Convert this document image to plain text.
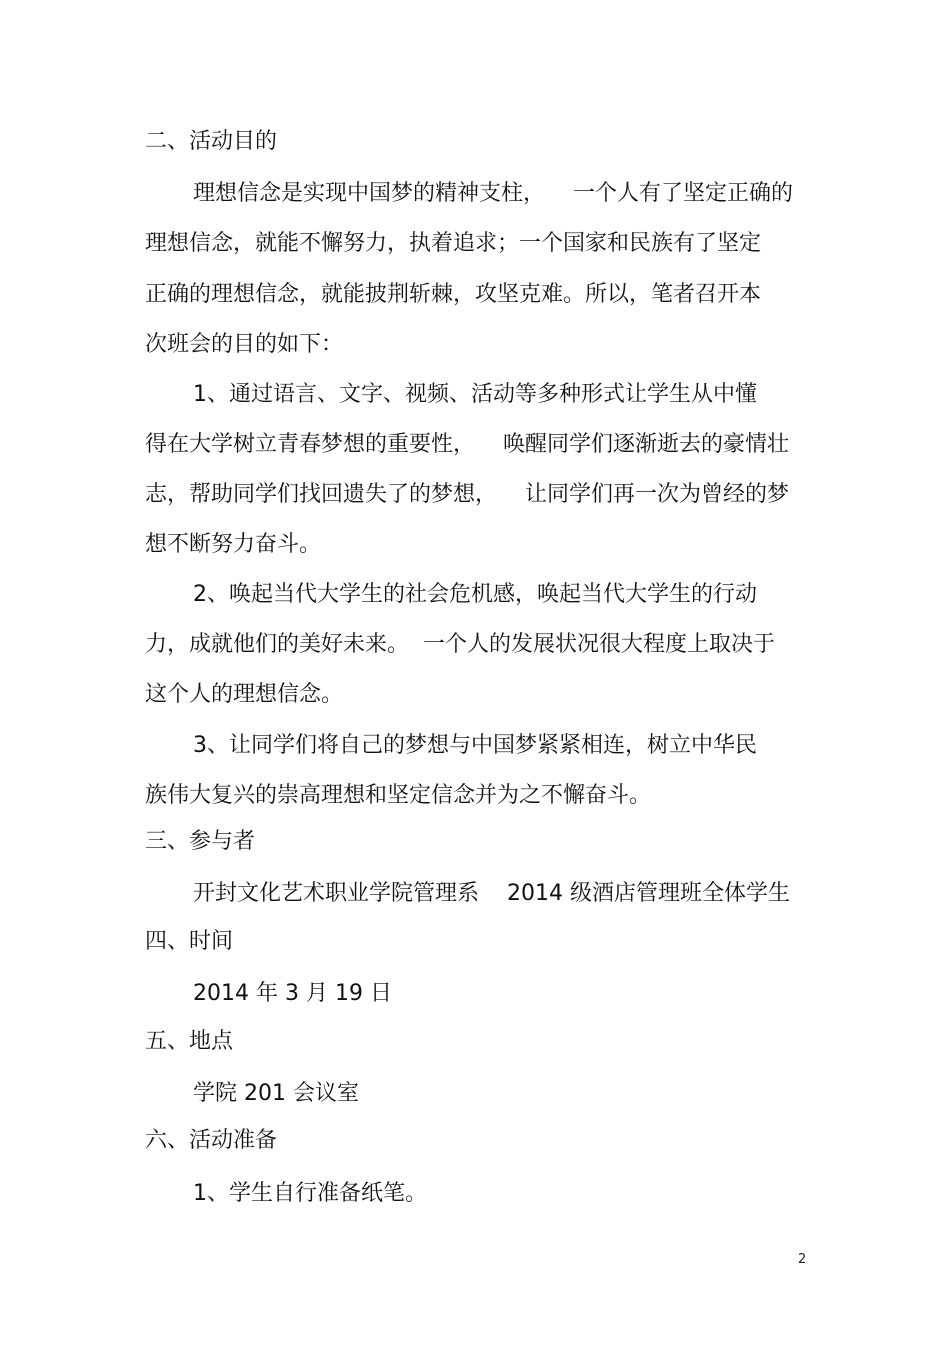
二、活动目的

理想信念是实现中国梦的精神支柱，    一个人有了坚定正确的

理想信念，就能不懈努力，执着追求；一个国家和民族有了坚定

正确的理想信念，就能披荆斩棘，攻坚克难。所以，笔者召开本

次班会的目的如下：

1、通过语言、文字、视频、活动等多种形式让学生从中懂

得在大学树立青春梦想的重要性，    唤醒同学们逐渐逝去的豪情壮

志，帮助同学们找回遗失了的梦想，    让同学们再一次为曾经的梦

想不断努力奋斗。

2、唤起当代大学生的社会危机感，唤起当代大学生的行动

力，成就他们的美好未来。  一个人的发展状况很大程度上取决于

这个人的理想信念。

3、让同学们将自己的梦想与中国梦紧紧相连，树立中华民

族伟大复兴的崇高理想和坚定信念并为之不懈奋斗。

三、参与者

开封文化艺术职业学院管理系    2014 级酒店管理班全体学生

四、时间

2014 年 3 月 19 日

五、地点

学院 201 会议室

六、活动准备

1、学生自行准备纸笔。

2
